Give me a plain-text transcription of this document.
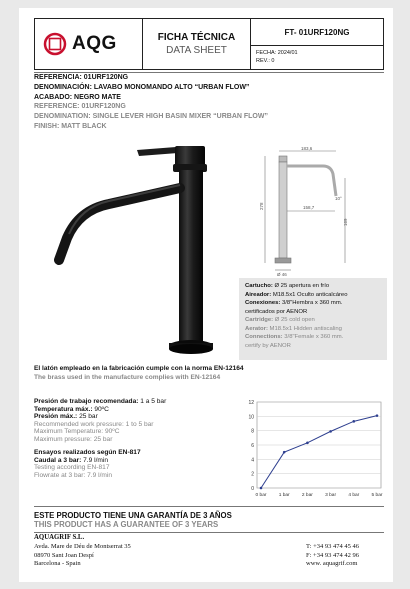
AQG	FICHA TÉCNICA
DATA SHEET
FT- 01URF120NG
FECHA: 2024/01
REV.: 0
REFERENCIA: 01URF120NG
DENOMINACIÓN: LAVABO MONOMANDO ALTO “URBAN FLOW”
ACABADO: NEGRO MATE
REFERENCE: 01URF120NG
DENOMINATION: SINGLE LEVER HIGH BASIN MIXER “URBAN FLOW”
FINISH: MATT BLACK
183,6
278
169
158,7
Ø 46
10°
Cartucho: Ø 25 apertura en frío
Aireador: M18.5x1 Oculto anticalcáreo
Conexiones: 3/8"Hembra x 360 mm.
certificados por AENOR
Cartridge: Ø 25 cold open
Aerator: M18.5x1 Hidden antiscaling
Connections: 3/8"Female x 360 mm.
certify by AENOR
El latón empleado en la fabricación cumple con la norma EN-12164
The brass used in the manufacture complies with EN-12164
Presión de trabajo recomendada: 1 a 5 bar
Temperatura máx.: 90ºC
Presión máx.: 25 bar
Recommended work pressure: 1 to 5 bar
Maximum Temperature: 90ºC
Maximum pressure: 25 bar
Ensayos realizados según EN-817
Caudal a 3 bar: 7.9 l/min
Testing according EN-817
Flowrate at 3 bar: 7.9 l/min
0
2
4
6
8
10
12
0 bar	1 bar	2 bar	3 bar	4 bar	5 bar
ESTE PRODUCTO TIENE UNA GARANTÍA DE 3 AÑOS
THIS PRODUCT HAS A GUARANTEE OF 3 YEARS
AQUAGRIF S.L.
Avda. Mare de Déu de Montserrat 35
08970 Sant Joan Despí
Barcelona - Spain
T: +34 93 474 45 46
F: +34 93 474 42 96
www. aquagrif.com
